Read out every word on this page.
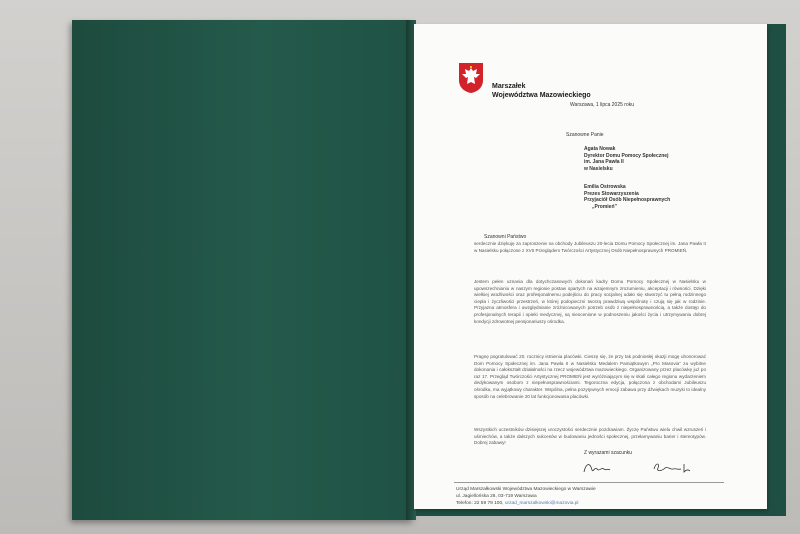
Marszałek
Województwa Mazowieckiego
Warszawa, 1 lipca 2025 roku
Szanowne Panie
Agata Nowak
Dyrektor Domu Pomocy Społecznej
im. Jana Pawła II
w Nasielsku
Emilia Ostrowska
Prezes Stowarzyszenia
Przyjaciół Osób Niepełnosprawnych
„Promień”
Szanowni Państwo
serdecznie dziękuję za zaproszenie na obchody Jubileuszu 20-lecia Domu Pomocy Społecznej im. Jana Pawła II w Nasielsku połączone z XVII Przeglądem Twórczości Artystycznej Osób Niepełnosprawnych PROMIEŃ.
Jestem pełen uznania dla dotychczasowych dokonań kadry Domu Pomocy Społecznej w Nasielsku w upowszechnianiu w naszym regionie postaw opartych na wzajemnym zrozumieniu, akceptacji i równości. Dzięki wielkiej wrażliwości oraz profesjonalnemu podejściu do pracy socjalnej udało się stworzyć tu pełną rodzinnego ciepła i życzliwości przestrzeń, w której podopieczni tworzą prawdziwą wspólnotę i czują się jak w rodzinie. Przyjazna atmosfera i uwzględnianie zróżnicowanych potrzeb osób z niepełnosprawnością, a także dostęp do profesjonalnych terapii i opieki medycznej, są nieocenione w podnoszeniu jakości życia i utrzymywaniu dobrej kondycji zdrowotnej pensjonariuszy ośrodka.
Pragnę pogratulować 20. rocznicy istnienia placówki. Cieszę się, że przy tak podniosłej okazji mogę uhonorować Dom Pomocy Społecznej im. Jana Pawła II w Nasielsku Medalem Pamiątkowym „Pro Masovia” za wybitne dokonania i całokształt działalności na rzecz województwa mazowieckiego. Organizowany przez placówkę już po raz 17. Przegląd Twórczości Artystycznej PROMIEŃ jest wyróżniającym się w skali całego regionu wydarzeniem dedykowanym osobom z niepełnosprawnościami. Tegoroczna edycja, połączona z obchodami Jubileuszu ośrodka, ma wyjątkowy charakter. Wspólna, pełna pozytywnych emocji zabawa przy dźwiękach muzyki to idealny sposób na celebrowanie 20 lat funkcjonowania placówki.
Wszystkich uczestników dzisiejszej uroczystości serdecznie pozdrawiam. Życzę Państwu wielu chwil wzruszeń i uśmiechów, a także dalszych sukcesów w budowaniu jedności społecznej, przełamywaniu barier i stereotypów. Dobrej zabawy!
Z wyrazami szacunku
Urząd Marszałkowski Województwa Mazowieckiego w Warszawie
ul. Jagiellońska 26, 03-719 Warszawa
Telefon: 22 59 79 100, urzad_marszalkowski@mazovia.pl
